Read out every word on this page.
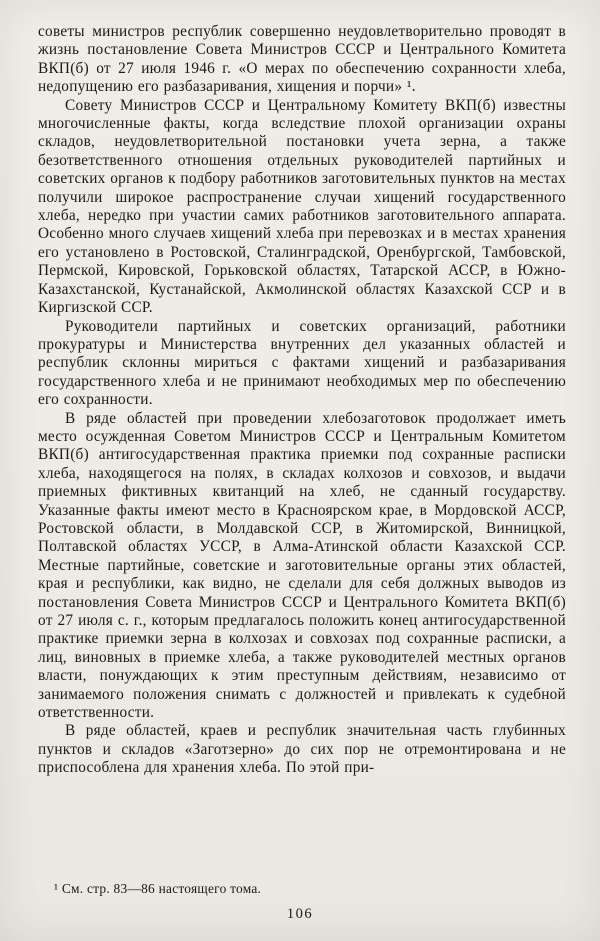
советы министров республик совершенно неудовлетворительно проводят в жизнь постановление Совета Министров СССР и Центрального Комитета ВКП(б) от 27 июля 1946 г. «О мерах по обеспечению сохранности хлеба, недопущению его разбазаривания, хищения и порчи» ¹.

Совету Министров СССР и Центральному Комитету ВКП(б) известны многочисленные факты, когда вследствие плохой организации охраны складов, неудовлетворительной постановки учета зерна, а также безответственного отношения отдельных руководителей партийных и советских органов к подбору работников заготовительных пунктов на местах получили широкое распространение случаи хищений государственного хлеба, нередко при участии самих работников заготовительного аппарата. Особенно много случаев хищений хлеба при перевозках и в местах хранения его установлено в Ростовской, Сталинградской, Оренбургской, Тамбовской, Пермской, Кировской, Горьковской областях, Татарской АССР, в Южно-Казахстанской, Кустанайской, Акмолинской областях Казахской ССР и в Киргизской ССР.

Руководители партийных и советских организаций, работники прокуратуры и Министерства внутренних дел указанных областей и республик склонны мириться с фактами хищений и разбазаривания государственного хлеба и не принимают необходимых мер по обеспечению его сохранности.

В ряде областей при проведении хлебозаготовок продолжает иметь место осужденная Советом Министров СССР и Центральным Комитетом ВКП(б) антигосударственная практика приемки под сохранные расписки хлеба, находящегося на полях, в складах колхозов и совхозов, и выдачи приемных фиктивных квитанций на хлеб, не сданный государству. Указанные факты имеют место в Красноярском крае, в Мордовской АССР, Ростовской области, в Молдавской ССР, в Житомирской, Винницкой, Полтавской областях УССР, в Алма-Атинской области Казахской ССР. Местные партийные, советские и заготовительные органы этих областей, края и республики, как видно, не сделали для себя должных выводов из постановления Совета Министров СССР и Центрального Комитета ВКП(б) от 27 июля с. г., которым предлагалось положить конец антигосударственной практике приемки зерна в колхозах и совхозах под сохранные расписки, а лиц, виновных в приемке хлеба, а также руководителей местных органов власти, понуждающих к этим преступным действиям, независимо от занимаемого положения снимать с должностей и привлекать к судебной ответственности.

В ряде областей, краев и республик значительная часть глубинных пунктов и складов «Заготзерно» до сих пор не отремонтирована и не приспособлена для хранения хлеба. По этой при-

¹ См. стр. 83—86 настоящего тома.
106
